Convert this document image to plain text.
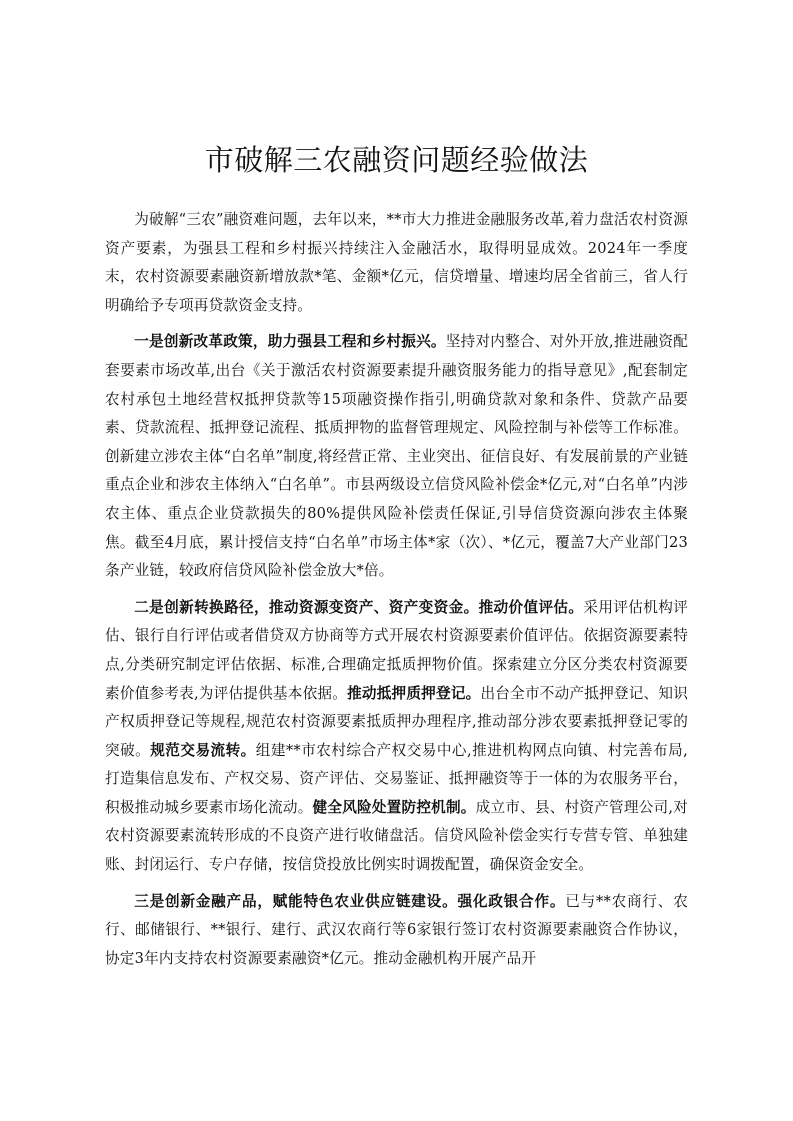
市破解三农融资问题经验做法

为破解“三农”融资难问题，去年以来，**市大力推进金融服务改革,着力盘活农村资源资产要素，为强县工程和乡村振兴持续注入金融活水，取得明显成效。2024年一季度末，农村资源要素融资新增放款*笔、金额*亿元，信贷增量、增速均居全省前三，省人行明确给予专项再贷款资金支持。

一是创新改革政策，助力强县工程和乡村振兴。坚持对内整合、对外开放,推进融资配套要素市场改革,出台《关于激活农村资源要素提升融资服务能力的指导意见》,配套制定农村承包土地经营权抵押贷款等15项融资操作指引,明确贷款对象和条件、贷款产品要素、贷款流程、抵押登记流程、抵质押物的监督管理规定、风险控制与补偿等工作标准。创新建立涉农主体“白名单”制度,将经营正常、主业突出、征信良好、有发展前景的产业链重点企业和涉农主体纳入“白名单”。市县两级设立信贷风险补偿金*亿元,对“白名单”内涉农主体、重点企业贷款损失的80%提供风险补偿责任保证,引导信贷资源向涉农主体聚焦。截至4月底，累计授信支持“白名单”市场主体*家（次）、*亿元，覆盖7大产业部门23条产业链，较政府信贷风险补偿金放大*倍。

二是创新转换路径，推动资源变资产、资产变资金。推动价值评估。采用评估机构评估、银行自行评估或者借贷双方协商等方式开展农村资源要素价值评估。依据资源要素特点,分类研究制定评估依据、标准,合理确定抵质押物价值。探索建立分区分类农村资源要素价值参考表,为评估提供基本依据。推动抵押质押登记。出台全市不动产抵押登记、知识产权质押登记等规程,规范农村资源要素抵质押办理程序,推动部分涉农要素抵押登记零的突破。规范交易流转。组建**市农村综合产权交易中心,推进机构网点向镇、村完善布局,打造集信息发布、产权交易、资产评估、交易鉴证、抵押融资等于一体的为农服务平台，积极推动城乡要素市场化流动。健全风险处置防控机制。成立市、县、村资产管理公司,对农村资源要素流转形成的不良资产进行收储盘活。信贷风险补偿金实行专营专管、单独建账、封闭运行、专户存储，按信贷投放比例实时调拨配置，确保资金安全。

三是创新金融产品，赋能特色农业供应链建设。强化政银合作。已与**农商行、农行、邮储银行、**银行、建行、武汉农商行等6家银行签订农村资源要素融资合作协议，协定3年内支持农村资源要素融资*亿元。推动金融机构开展产品开
